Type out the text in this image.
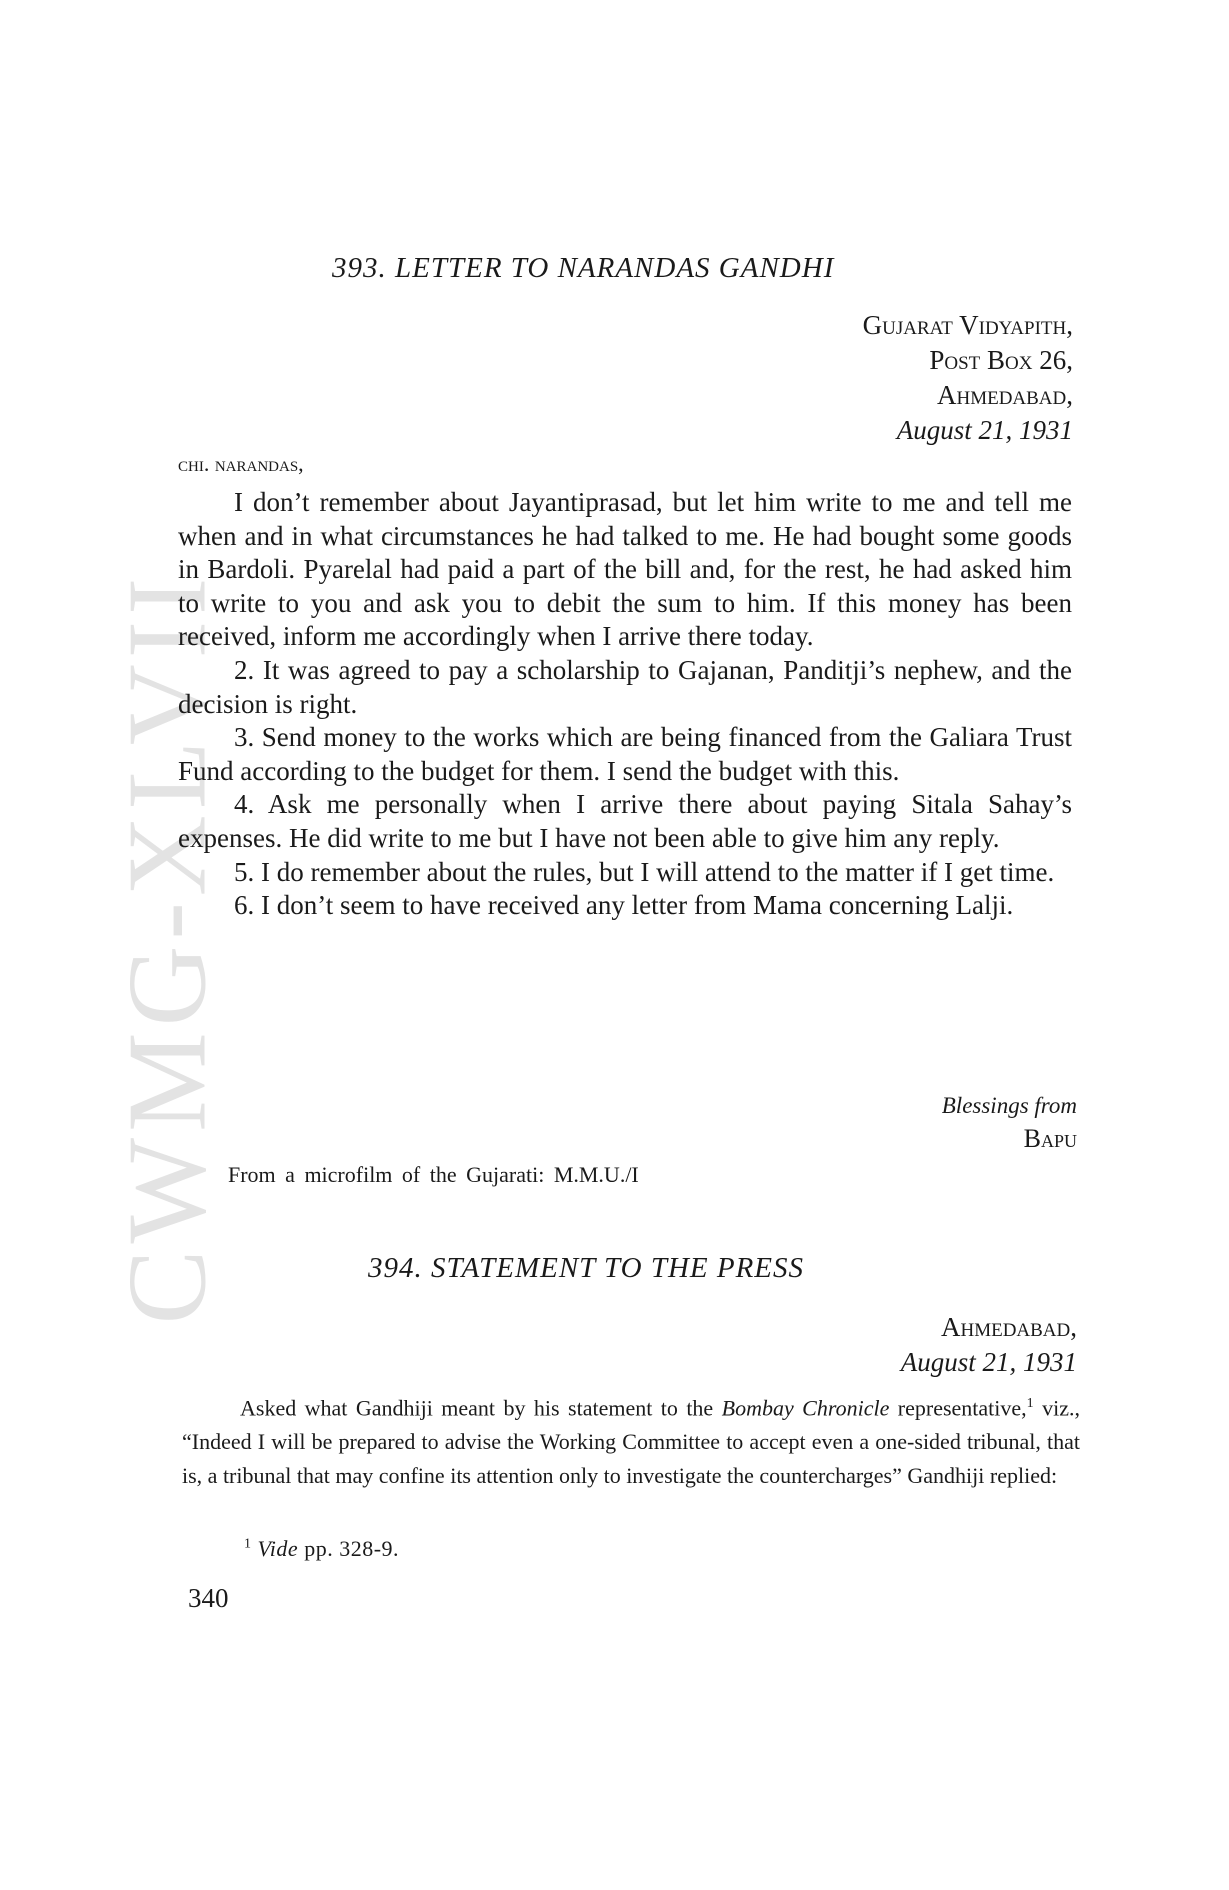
CWMG-XLVII
393. LETTER TO NARANDAS GANDHI
Gujarat Vidyapith,
Post Box 26,
Ahmedabad,
August 21, 1931
chi. narandas,

I don’t remember about Jayantiprasad, but let him write to me and tell me when and in what circumstances he had talked to me. He had bought some goods in Bardoli. Pyarelal had paid a part of the bill and, for the rest, he had asked him to write to you and ask you to debit the sum to him. If this money has been received, inform me accordingly when I arrive there today.

2. It was agreed to pay a scholarship to Gajanan, Panditji’s nephew, and the decision is right.

3. Send money to the works which are being financed from the Galiara Trust Fund according to the budget for them. I send the budget with this.

4. Ask me personally when I arrive there about paying Sitala Sahay’s expenses. He did write to me but I have not been able to give him any reply.

5. I do remember about the rules, but I will attend to the matter if I get time.

6. I don’t seem to have received any letter from Mama concerning Lalji.

Blessings from
Bapu
From a microfilm of the Gujarati: M.M.U./I
394. STATEMENT TO THE PRESS
Ahmedabad,
August 21, 1931

Asked what Gandhiji meant by his statement to the Bombay Chronicle representative,$^1$ viz., “Indeed I will be prepared to advise the Working Committee to accept even a one-sided tribunal, that is, a tribunal that may confine its attention only to investigate the countercharges” Gandhiji replied:

$^1$ Vide pp. 328-9.
340
